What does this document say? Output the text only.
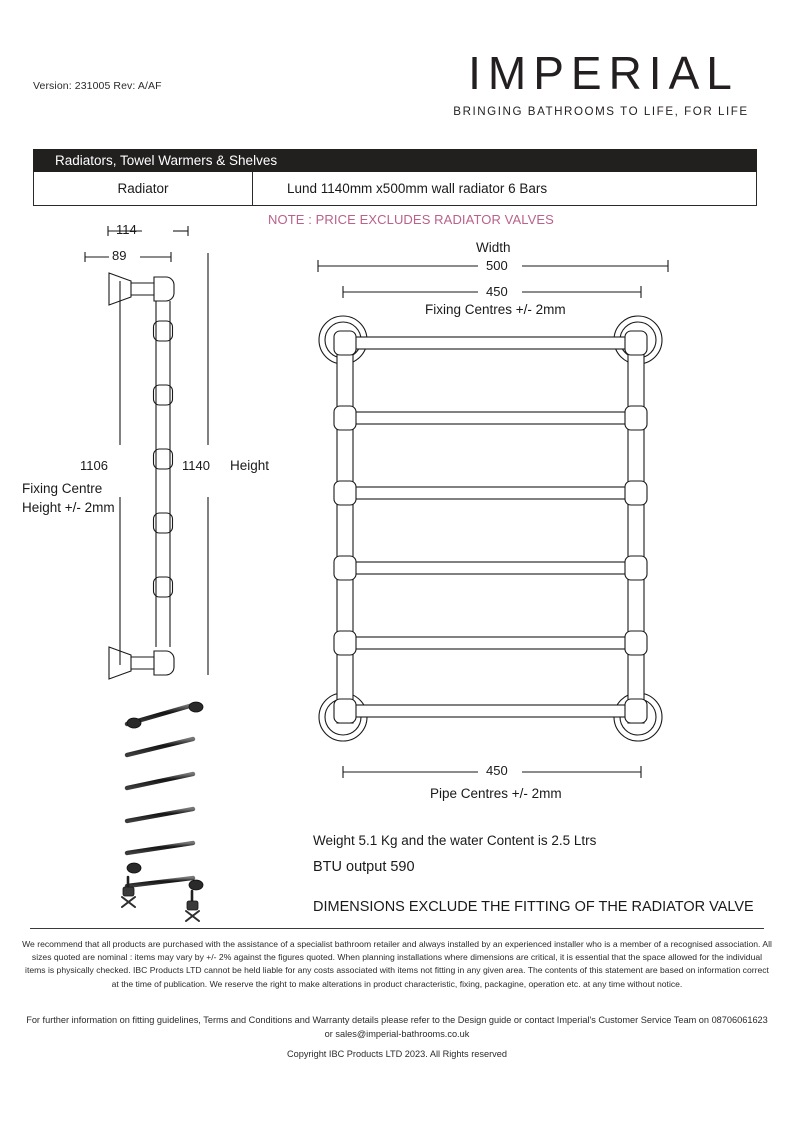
Version: 231005 Rev: A/AF	IMPERIAL
BRINGING BATHROOMS TO LIFE, FOR LIFE
Radiators, Towel Warmers & Shelves
Radiator	Lund 1140mm x500mm wall radiator 6 Bars
NOTE : PRICE EXCLUDES RADIATOR VALVES
114
89
1106
Fixing Centre
Height +/- 2mm
1140 Height
Width
500
450
Fixing Centres +/- 2mm
450
Pipe Centres +/- 2mm
Weight 5.1 Kg and the water Content is 2.5 Ltrs
BTU output 590
DIMENSIONS EXCLUDE THE FITTING OF THE RADIATOR VALVE
We recommend that all products are purchased with the assistance of a specialist bathroom retailer and always installed by an experienced installer who is a member of a recognised association. All sizes quoted are nominal : items may vary by +/- 2% against the figures quoted. When planning installations where dimensions are critical, it is essential that the space allowed for the individual items is physically checked. IBC Products LTD cannot be held liable for any costs associated with items not fitting in any given area. The contents of this statement are based on information correct at the time of publication. We reserve the right to make alterations in product characteristic, fixing, packagine, operation etc. at any time without notice.
For further information on fitting guidelines, Terms and Conditions and Warranty details please refer to the Design guide or contact Imperial's Customer Service Team on 08706061623 or sales@imperial-bathrooms.co.uk
Copyright IBC Products LTD 2023. All Rights reserved
